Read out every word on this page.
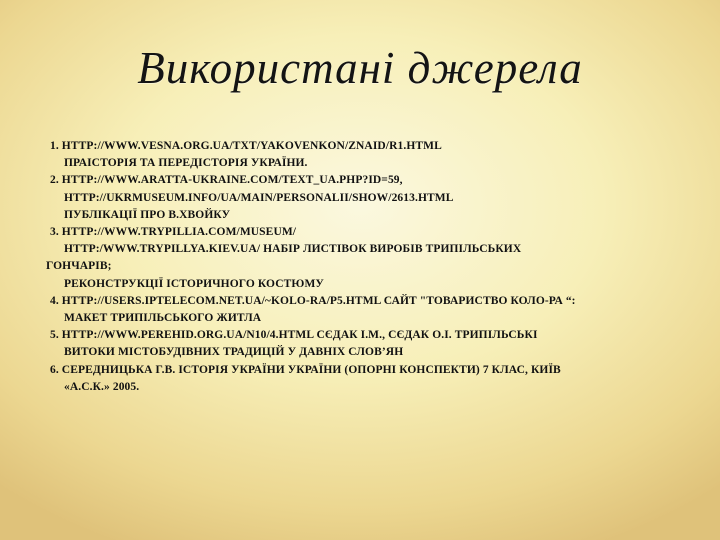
Використані джерела
1. HTTP://WWW.VESNA.ORG.UA/TXT/YAKOVENKON/ZNAID/R1.HTML
ПРАІСТОРІЯ ТА ПЕРЕДІСТОРІЯ УКРАЇНИ.
2. HTTP://WWW.ARATTA-UKRAINE.COM/TEXT_UA.PHP?ID=59,
HTTP://UKRMUSEUM.INFO/UA/MAIN/PERSONALII/SHOW/2613.HTML
ПУБЛІКАЦІЇ ПРО В.ХВОЙКУ
3. HTTP://WWW.TRYPILLIA.COM/MUSEUM/
HTTP:/WWW.TRYPILLYA.KIEV.UA/ НАБІР ЛИСТІВОК ВИРОБІВ ТРИПІЛЬСЬКИХ
ГОНЧАРІВ;
РЕКОНСТРУКЦІЇ ІСТОРИЧНОГО КОСТЮМУ
4. HTTP://USERS.IPTELECOM.NET.UA/~KOLO-RA/P5.HTML САЙТ "ТОВАРИСТВО КОЛО-РА “:
МАКЕТ ТРИПІЛЬСЬКОГО ЖИТЛА
5. HTTP://WWW.PEREHID.ORG.UA/N10/4.HTML СЄДАК І.М., СЄДАК О.І. ТРИПІЛЬСЬКІ
ВИТОКИ МІСТОБУДІВНИХ ТРАДИЦІЙ У ДАВНІХ СЛОВ’ЯН
6. СЕРЕДНИЦЬКА Г.В. ІСТОРІЯ УКРАЇНИ УКРАЇНИ (ОПОРНІ КОНСПЕКТИ) 7 КЛАС, КИЇВ
«А.С.К.» 2005.
